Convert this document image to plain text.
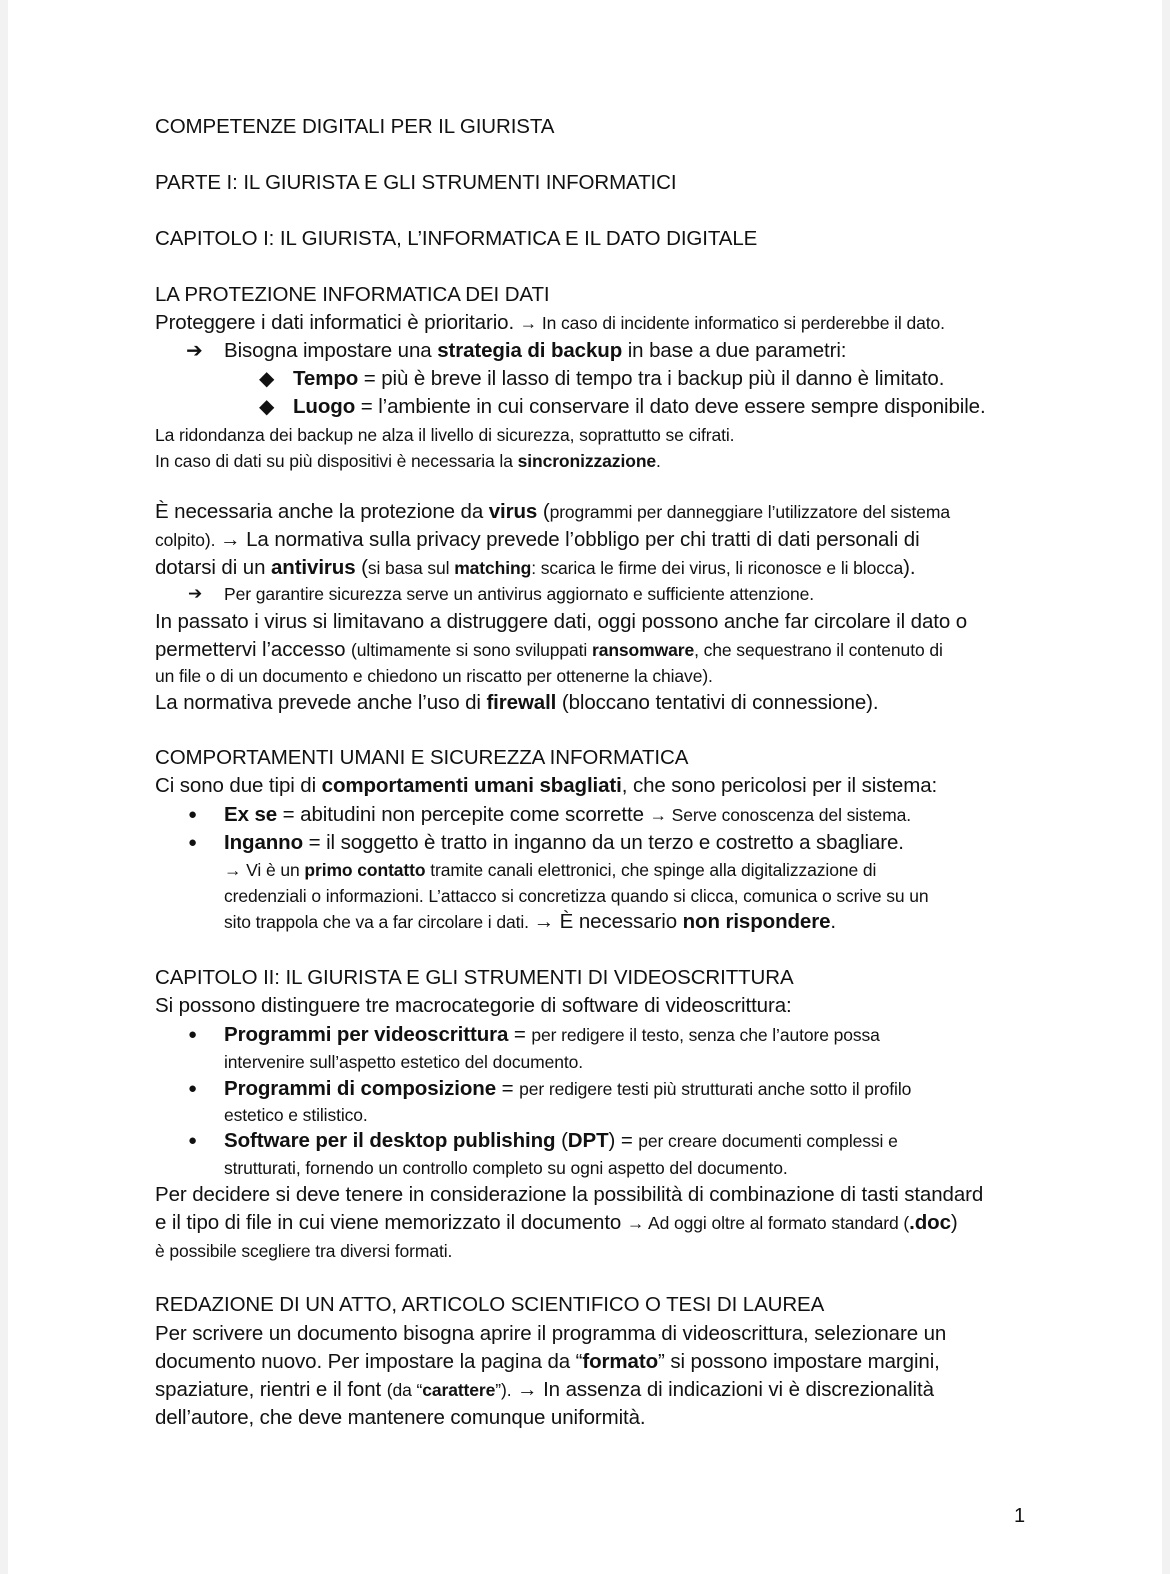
COMPETENZE DIGITALI PER IL GIURISTA
PARTE I: IL GIURISTA E GLI STRUMENTI INFORMATICI
CAPITOLO I: IL GIURISTA, L’INFORMATICA E IL DATO DIGITALE
LA PROTEZIONE INFORMATICA DEI DATI
Proteggere i dati informatici è prioritario. → In caso di incidente informatico si perderebbe il dato.
➔ Bisogna impostare una strategia di backup in base a due parametri:
◆ Tempo = più è breve il lasso di tempo tra i backup più il danno è limitato.
◆ Luogo = l’ambiente in cui conservare il dato deve essere sempre disponibile.
La ridondanza dei backup ne alza il livello di sicurezza, soprattutto se cifrati.
In caso di dati su più dispositivi è necessaria la sincronizzazione.
È necessaria anche la protezione da virus (programmi per danneggiare l’utilizzatore del sistema
colpito). → La normativa sulla privacy prevede l’obbligo per chi tratti di dati personali di
dotarsi di un antivirus (si basa sul matching: scarica le firme dei virus, li riconosce e li blocca).
➔ Per garantire sicurezza serve un antivirus aggiornato e sufficiente attenzione.
In passato i virus si limitavano a distruggere dati, oggi possono anche far circolare il dato o
permettervi l’accesso (ultimamente si sono sviluppati ransomware, che sequestrano il contenuto di
un file o di un documento e chiedono un riscatto per ottenerne la chiave).
La normativa prevede anche l’uso di firewall (bloccano tentativi di connessione).
COMPORTAMENTI UMANI E SICUREZZA INFORMATICA
Ci sono due tipi di comportamenti umani sbagliati, che sono pericolosi per il sistema:
● Ex se = abitudini non percepite come scorrette → Serve conoscenza del sistema.
● Inganno = il soggetto è tratto in inganno da un terzo e costretto a sbagliare.
→ Vi è un primo contatto tramite canali elettronici, che spinge alla digitalizzazione di
credenziali o informazioni. L’attacco si concretizza quando si clicca, comunica o scrive su un
sito trappola che va a far circolare i dati. → È necessario non rispondere.
CAPITOLO II: IL GIURISTA E GLI STRUMENTI DI VIDEOSCRITTURA
Si possono distinguere tre macrocategorie di software di videoscrittura:
● Programmi per videoscrittura = per redigere il testo, senza che l’autore possa
intervenire sull’aspetto estetico del documento.
● Programmi di composizione = per redigere testi più strutturati anche sotto il profilo
estetico e stilistico.
● Software per il desktop publishing (DPT) = per creare documenti complessi e
strutturati, fornendo un controllo completo su ogni aspetto del documento.
Per decidere si deve tenere in considerazione la possibilità di combinazione di tasti standard
e il tipo di file in cui viene memorizzato il documento → Ad oggi oltre al formato standard (.doc)
è possibile scegliere tra diversi formati.
REDAZIONE DI UN ATTO, ARTICOLO SCIENTIFICO O TESI DI LAUREA
Per scrivere un documento bisogna aprire il programma di videoscrittura, selezionare un
documento nuovo. Per impostare la pagina da “formato” si possono impostare margini,
spaziature, rientri e il font (da “carattere”). → In assenza di indicazioni vi è discrezionalità
dell’autore, che deve mantenere comunque uniformità.
1
